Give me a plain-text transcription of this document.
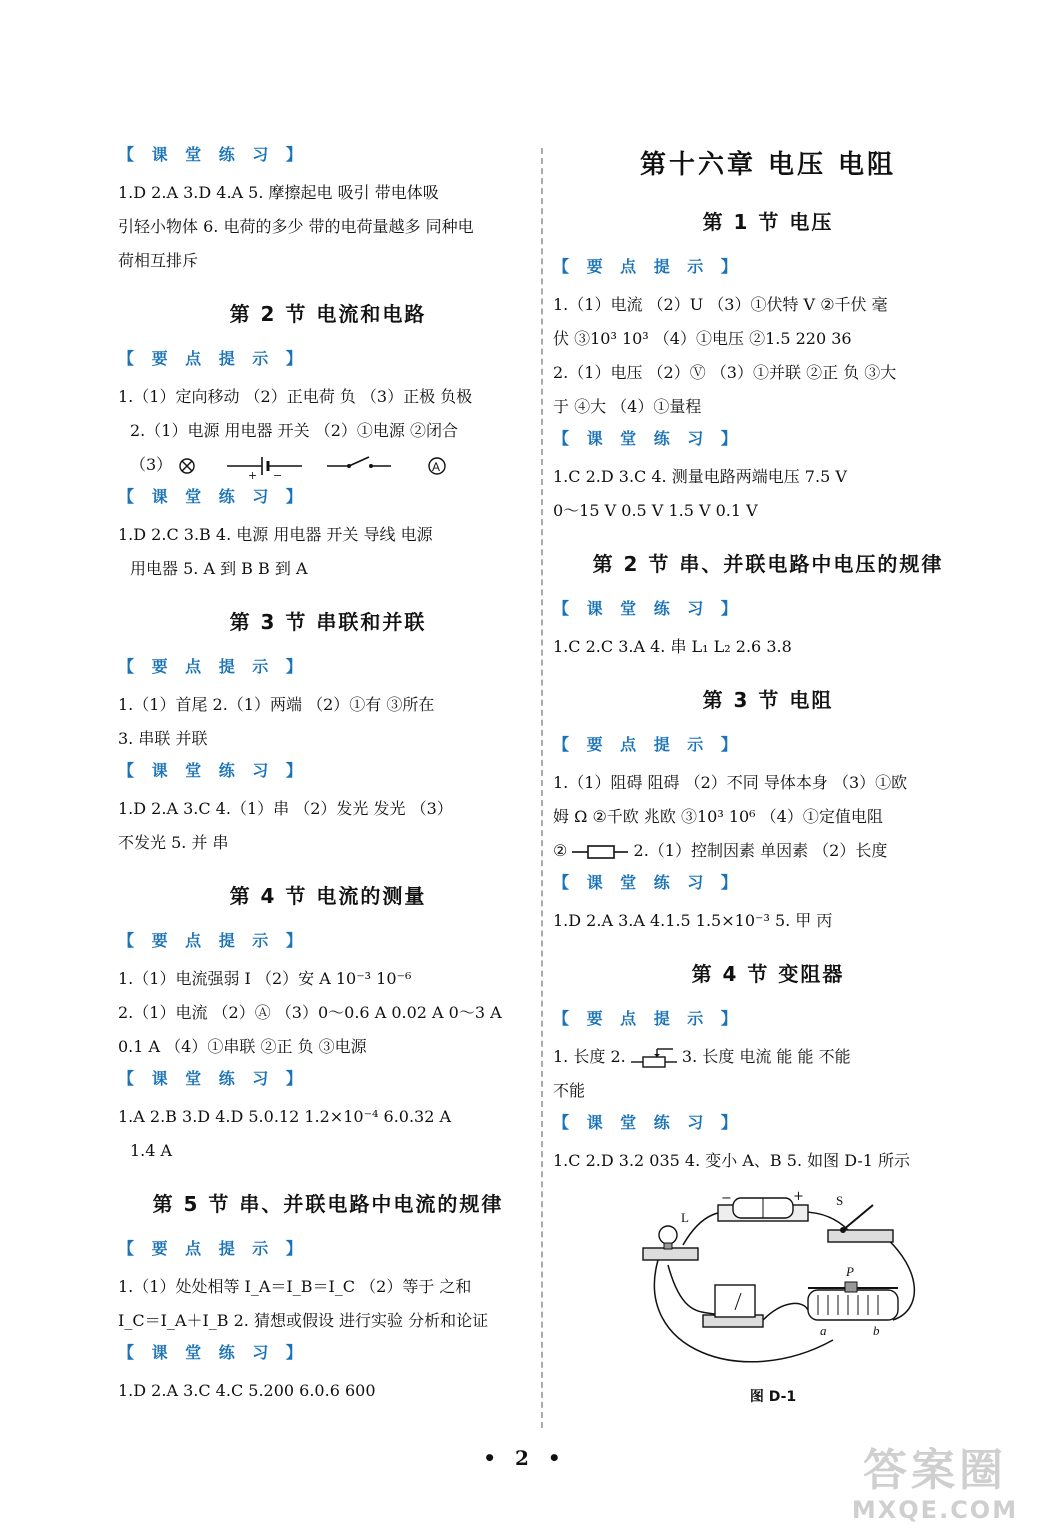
【 课 堂 练 习 】
1.D 2.A 3.D 4.A 5. 摩擦起电 吸引 带电体吸
引轻小物体 6. 电荷的多少 带的电荷量越多 同种电
荷相互排斥
第 2 节 电流和电路
【 要 点 提 示 】
1.（1）定向移动 （2）正电荷 负 （3）正极 负极
2.（1）电源 用电器 开关 （2）①电源 ②闭合
（3）
+ −
A
【 课 堂 练 习 】
1.D 2.C 3.B 4. 电源 用电器 开关 导线 电源
用电器 5. A 到 B B 到 A
第 3 节 串联和并联
【 要 点 提 示 】
1.（1）首尾 2.（1）两端 （2）①有 ③所在
3. 串联 并联
【 课 堂 练 习 】
1.D 2.A 3.C 4.（1）串 （2）发光 发光 （3）
不发光 5. 并 串
第 4 节 电流的测量
【 要 点 提 示 】
1.（1）电流强弱 I （2）安 A 10⁻³ 10⁻⁶
2.（1）电流 （2）Ⓐ （3）0～0.6 A 0.02 A 0～3 A
0.1 A （4）①串联 ②正 负 ③电源
【 课 堂 练 习 】
1.A 2.B 3.D 4.D 5.0.12 1.2×10⁻⁴ 6.0.32 A
1.4 A
第 5 节 串、并联电路中电流的规律
【 要 点 提 示 】
1.（1）处处相等 I_A＝I_B＝I_C （2）等于 之和
I_C＝I_A＋I_B 2. 猜想或假设 进行实验 分析和论证
【 课 堂 练 习 】
1.D 2.A 3.C 4.C 5.200 6.0.6 600
第十六章 电压 电阻
第 1 节 电压
【 要 点 提 示 】
1.（1）电流 （2）U （3）①伏特 V ②千伏 毫
伏 ③10³ 10³ （4）①电压 ②1.5 220 36
2.（1）电压 （2）Ⓥ （3）①并联 ②正 负 ③大
于 ④大 （4）①量程
【 课 堂 练 习 】
1.C 2.D 3.C 4. 测量电路两端电压 7.5 V
0～15 V 0.5 V 1.5 V 0.1 V
第 2 节 串、并联电路中电压的规律
【 课 堂 练 习 】
1.C 2.C 3.A 4. 串 L₁ L₂ 2.6 3.8
第 3 节 电阻
【 要 点 提 示 】
1.（1）阻碍 阻碍 （2）不同 导体本身 （3）①欧
姆 Ω ②千欧 兆欧 ③10³ 10⁶ （4）①定值电阻
②	2.（1）控制因素 单因素 （2）长度
【 课 堂 练 习 】
1.D 2.A 3.A 4.1.5 1.5×10⁻³ 5. 甲 丙
第 4 节 变阻器
【 要 点 提 示 】
1. 长度 2.	3. 长度 电流 能 能 不能
不能
【 课 堂 练 习 】
1.C 2.D 3.2 035 4. 变小 A、B 5. 如图 D-1 所示
L
−	+ S
P
a	b
图 D-1
• 2 •	答案圈
MXQE.COM
